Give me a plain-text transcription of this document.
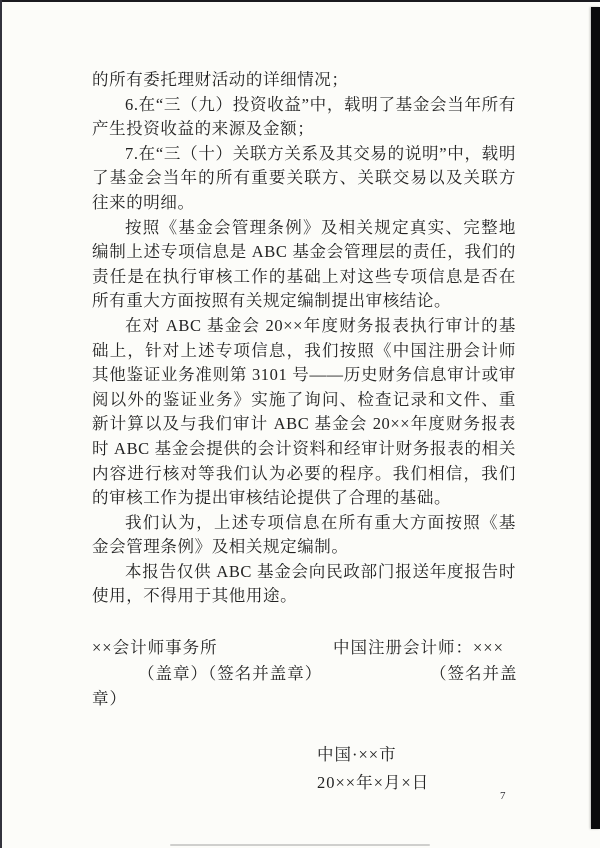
的所有委托理财活动的详细情况；

6.在“三（九）投资收益”中，载明了基金会当年所有产生投资收益的来源及金额；

7.在“三（十）关联方关系及其交易的说明”中，载明了基金会当年的所有重要关联方、关联交易以及关联方往来的明细。

按照《基金会管理条例》及相关规定真实、完整地编制上述专项信息是 ABC 基金会管理层的责任，我们的责任是在执行审核工作的基础上对这些专项信息是否在所有重大方面按照有关规定编制提出审核结论。

在对 ABC 基金会 20××年度财务报表执行审计的基础上，针对上述专项信息，我们按照《中国注册会计师其他鉴证业务准则第 3101 号——历史财务信息审计或审阅以外的鉴证业务》实施了询问、检查记录和文件、重新计算以及与我们审计 ABC 基金会 20××年度财务报表时 ABC 基金会提供的会计资料和经审计财务报表的相关内容进行核对等我们认为必要的程序。我们相信，我们的审核工作为提出审核结论提供了合理的基础。

我们认为，上述专项信息在所有重大方面按照《基金会管理条例》及相关规定编制。

本报告仅供 ABC 基金会向民政部门报送年度报告时使用，不得用于其他用途。

××会计师事务所	中国注册会计师：×××
（盖章）（签名并盖章）	（签名并盖
章）
中国·××市
20××年×月×日
7
